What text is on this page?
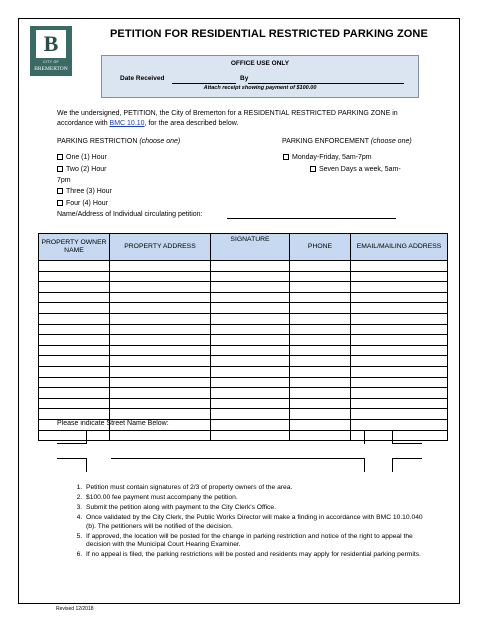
B
CITY OF
BREMERTON
PETITION FOR RESIDENTIAL RESTRICTED PARKING ZONE
OFFICE USE ONLY
Date Received	By
Attach receipt showing payment of $100.00
We the undersigned, PETITION, the City of Bremerton for a RESIDENTIAL RESTRICTED PARKING ZONE in accordance with BMC 10.10, for the area described below.
PARKING RESTRICTION (choose one)	PARKING ENFORCEMENT (choose one)
One (1) Hour
Two (2) Hour
7pm
Three (3) Hour
Four (4) Hour
Monday-Friday, 5am-7pm
Seven Days a week, 5am-
Name/Address of Individual circulating petition:
PROPERTY OWNER NAME	PROPERTY ADDRESS	SIGNATURE	PHONE	EMAIL/MAILING ADDRESS

Please indicate Street Name Below:
1. Petition must contain signatures of 2/3 of property owners of the area.
2. $100.00 fee payment must accompany the petition.
3. Submit the petition along with payment to the City Clerk's Office.
4. Once validated by the City Clerk, the Public Works Director will make a finding in accordance with BMC 10.10.040 (b). The petitioners will be notified of the decision.
5. If approved, the location will be posted for the change in parking restriction and notice of the right to appeal the decision with the Municipal Court Hearing Examiner.
6. If no appeal is filed, the parking restrictions will be posted and residents may apply for residential parking permits.
Revised 12/2018
